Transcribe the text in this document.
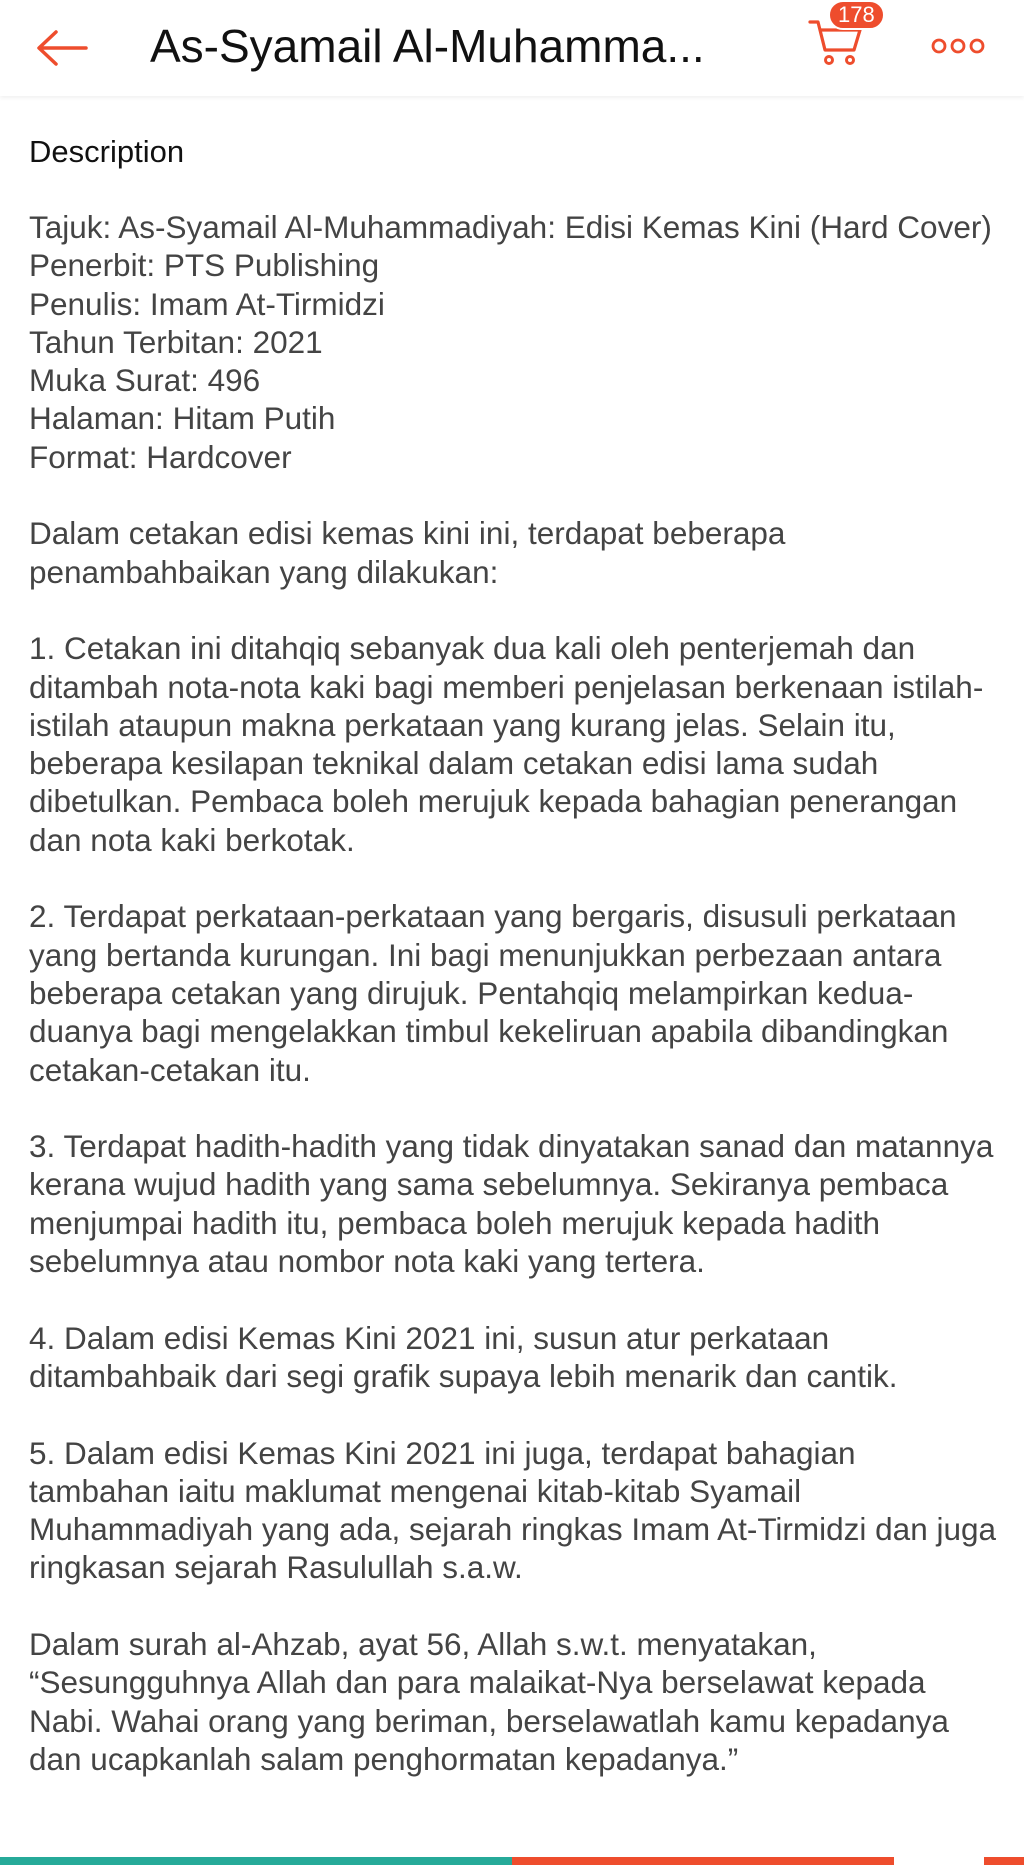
As-Syamail Al-Muhamma...
178
Description

Tajuk: As-Syamail Al-Muhammadiyah: Edisi Kemas Kini (Hard Cover)
Penerbit: PTS Publishing
Penulis: Imam At-Tirmidzi
Tahun Terbitan: 2021
Muka Surat: 496
Halaman: Hitam Putih
Format: Hardcover

Dalam cetakan edisi kemas kini ini, terdapat beberapa penambahbaikan yang dilakukan:

1. Cetakan ini ditahqiq sebanyak dua kali oleh penterjemah dan ditambah nota-nota kaki bagi memberi penjelasan berkenaan istilah-istilah ataupun makna perkataan yang kurang jelas. Selain itu, beberapa kesilapan teknikal dalam cetakan edisi lama sudah dibetulkan. Pembaca boleh merujuk kepada bahagian penerangan dan nota kaki berkotak.

2. Terdapat perkataan-perkataan yang bergaris, disusuli perkataan yang bertanda kurungan. Ini bagi menunjukkan perbezaan antara beberapa cetakan yang dirujuk. Pentahqiq melampirkan kedua-duanya bagi mengelakkan timbul kekeliruan apabila dibandingkan cetakan-cetakan itu.

3. Terdapat hadith-hadith yang tidak dinyatakan sanad dan matannya kerana wujud hadith yang sama sebelumnya. Sekiranya pembaca menjumpai hadith itu, pembaca boleh merujuk kepada hadith sebelumnya atau nombor nota kaki yang tertera.

4. Dalam edisi Kemas Kini 2021 ini, susun atur perkataan ditambahbaik dari segi grafik supaya lebih menarik dan cantik.

5. Dalam edisi Kemas Kini 2021 ini juga, terdapat bahagian tambahan iaitu maklumat mengenai kitab-kitab Syamail Muhammadiyah yang ada, sejarah ringkas Imam At-Tirmidzi dan juga ringkasan sejarah Rasulullah s.a.w.

Dalam surah al-Ahzab, ayat 56, Allah s.w.t. menyatakan, “Sesungguhnya Allah dan para malaikat-Nya berselawat kepada Nabi. Wahai orang yang beriman, berselawatlah kamu kepadanya dan ucapkanlah salam penghormatan kepadanya.”
